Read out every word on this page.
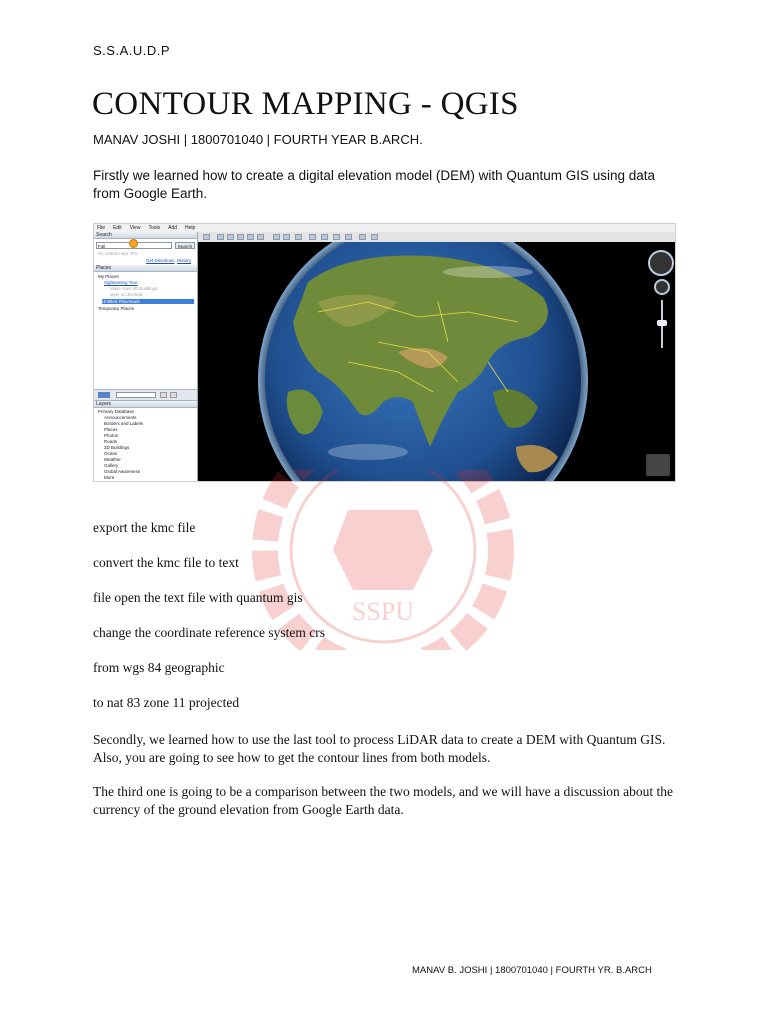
S.S.A.U.D.P
CONTOUR MAPPING - QGIS
MANAV JOSHI | 1800701040 | FOURTH YEAR B.ARCH.
Firstly we learned how to create a digital elevation model (DEM) with Quantum GIS using data from Google Earth.
File Edit View Tools Add Help
Search
Fall	Search
ex: Hotels near JFK
Get Directions History
Places
My Places
Sightseeing Tour
Make sure 3D Buildings
layer is checked
Untitled Placemark
Temporary Places
Layers
Primary Database
Announcements
Borders and Labels
Places
Photos
Roads
3D Buildings
Ocean
Weather
Gallery
Global Awareness
More
SSPU
export the kmc file
convert the kmc file to text
file open the text file with quantum gis
change the coordinate reference system crs
from wgs 84 geographic
to nat 83 zone 11 projected
Secondly, we learned how to use the last tool to process LiDAR data to create a DEM with Quantum GIS. Also, you are going to see how to get the contour lines from both models.
The third one is going to be a comparison between the two models, and we will have a discussion about the currency of the ground elevation from Google Earth data.
MANAV B. JOSHI | 1800701040 | FOURTH YR. B.ARCH
